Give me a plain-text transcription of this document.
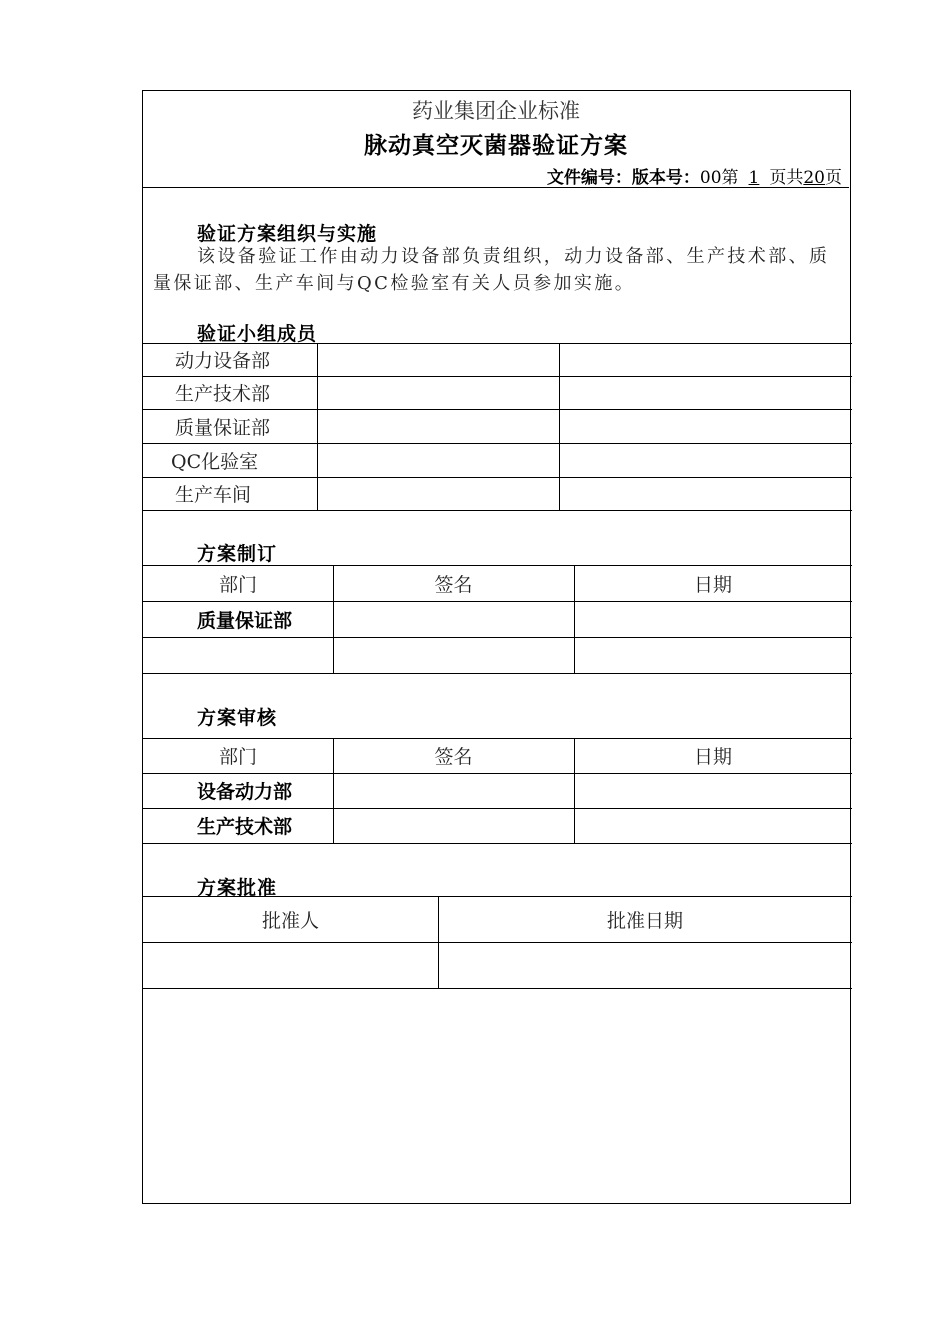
药业集团企业标准
脉动真空灭菌器验证方案
文件编号：版本号：00第 1 页共20页
验证方案组织与实施
该设备验证工作由动力设备部负责组织，动力设备部、生产技术部、质量保证部、生产车间与QC检验室有关人员参加实施。
验证小组成员
动力设备部
生产技术部
质量保证部
QC化验室
生产车间
方案制订
部门	签名	日期
质量保证部
方案审核
部门	签名	日期
设备动力部
生产技术部
方案批准
批准人	批准日期
